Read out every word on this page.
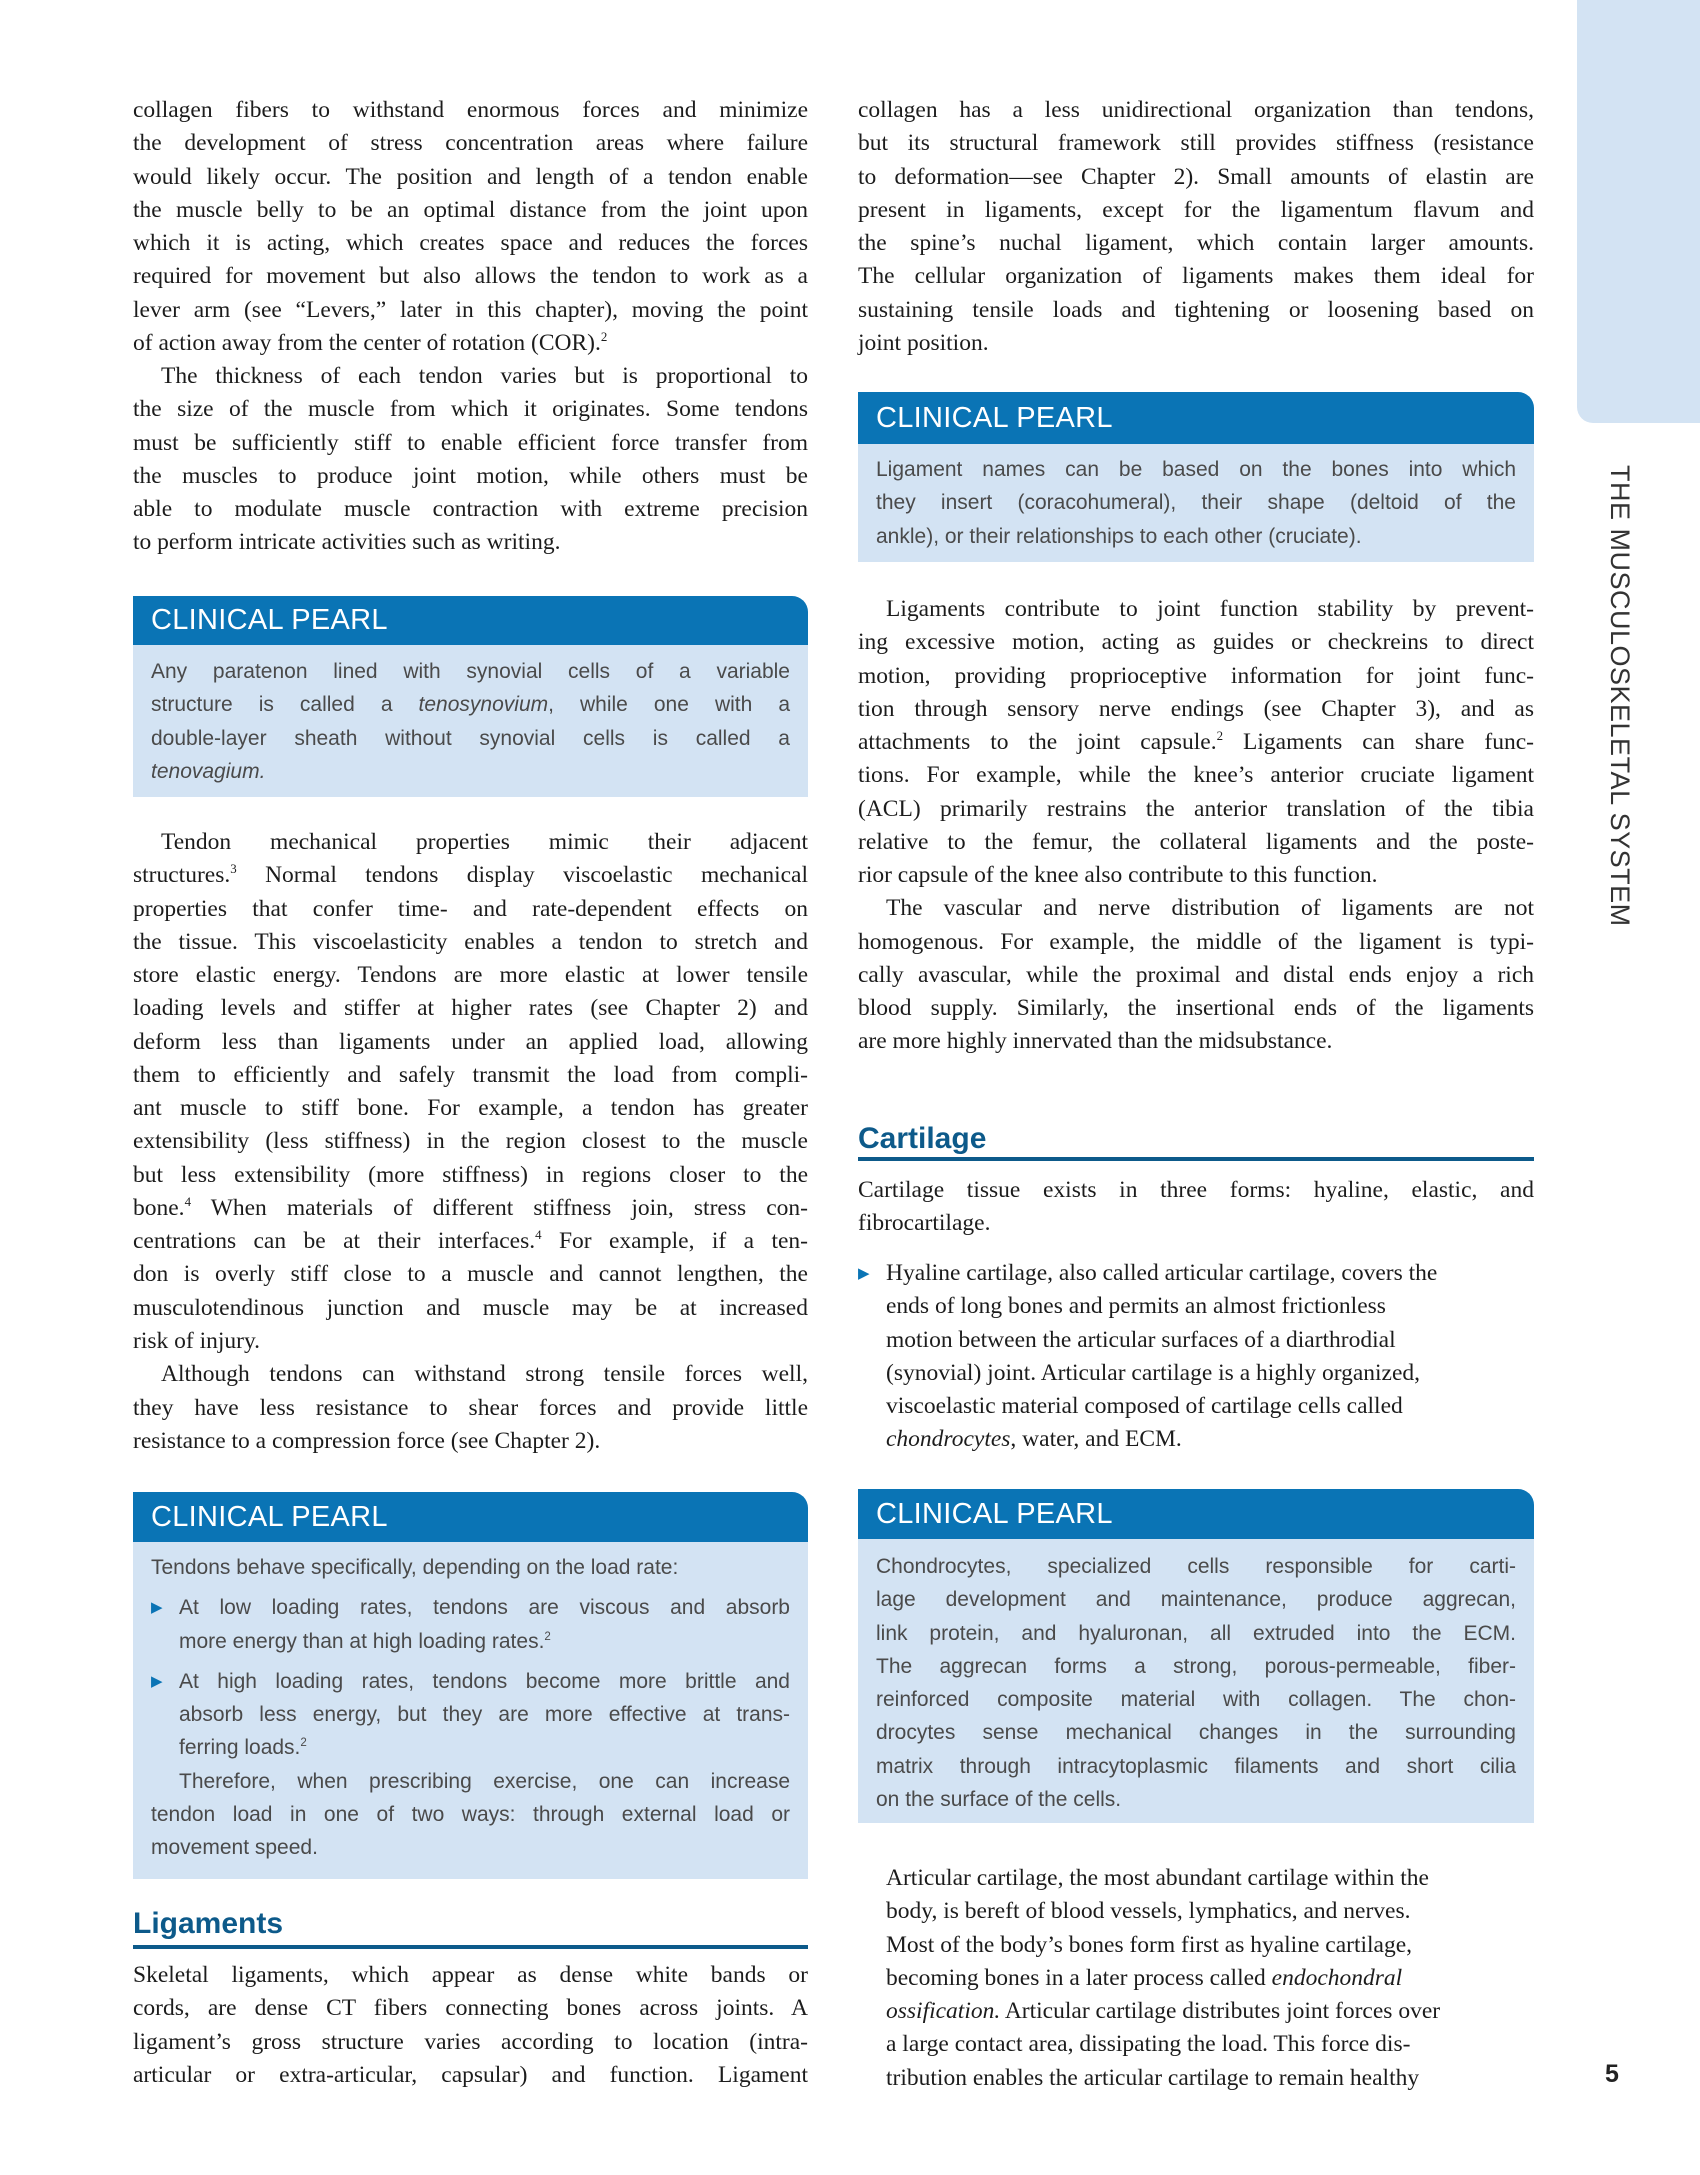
THE MUSCULOSKELETAL SYSTEM
5
collagen fibers to withstand enormous forces and minimize
the development of stress concentration areas where failure
would likely occur. The position and length of a tendon enable
the muscle belly to be an optimal distance from the joint upon
which it is acting, which creates space and reduces the forces
required for movement but also allows the tendon to work as a
lever arm (see “Levers,” later in this chapter), moving the point
of action away from the center of rotation (COR).$^2$
The thickness of each tendon varies but is proportional to
the size of the muscle from which it originates. Some tendons
must be sufficiently stiff to enable efficient force transfer from
the muscles to produce joint motion, while others must be
able to modulate muscle contraction with extreme precision
to perform intricate activities such as writing.
CLINICAL PEARL
Any paratenon lined with synovial cells of a variable
structure is called a tenosynovium, while one with a
double-layer sheath without synovial cells is called a
tenovagium.
Tendon mechanical properties mimic their adjacent
structures.$^3$ Normal tendons display viscoelastic mechanical
properties that confer time- and rate-dependent effects on
the tissue. This viscoelasticity enables a tendon to stretch and
store elastic energy. Tendons are more elastic at lower tensile
loading levels and stiffer at higher rates (see Chapter 2) and
deform less than ligaments under an applied load, allowing
them to efficiently and safely transmit the load from compli-
ant muscle to stiff bone. For example, a tendon has greater
extensibility (less stiffness) in the region closest to the muscle
but less extensibility (more stiffness) in regions closer to the
bone.$^4$ When materials of different stiffness join, stress con-
centrations can be at their interfaces.$^4$ For example, if a ten-
don is overly stiff close to a muscle and cannot lengthen, the
musculotendinous junction and muscle may be at increased
risk of injury.
Although tendons can withstand strong tensile forces well,
they have less resistance to shear forces and provide little
resistance to a compression force (see Chapter 2).
CLINICAL PEARL
Tendons behave specifically, depending on the load rate:
▶ At low loading rates, tendons are viscous and absorb
more energy than at high loading rates.$^2$
▶ At high loading rates, tendons become more brittle and
absorb less energy, but they are more effective at trans-
ferring loads.$^2$
Therefore, when prescribing exercise, one can increase
tendon load in one of two ways: through external load or
movement speed.
Ligaments
Skeletal ligaments, which appear as dense white bands or
cords, are dense CT fibers connecting bones across joints. A
ligament’s gross structure varies according to location (intra-
articular or extra-articular, capsular) and function. Ligament
collagen has a less unidirectional organization than tendons,
but its structural framework still provides stiffness (resistance
to deformation—see Chapter 2). Small amounts of elastin are
present in ligaments, except for the ligamentum flavum and
the spine’s nuchal ligament, which contain larger amounts.
The cellular organization of ligaments makes them ideal for
sustaining tensile loads and tightening or loosening based on
joint position.
CLINICAL PEARL
Ligament names can be based on the bones into which
they insert (coracohumeral), their shape (deltoid of the
ankle), or their relationships to each other (cruciate).
Ligaments contribute to joint function stability by prevent-
ing excessive motion, acting as guides or checkreins to direct
motion, providing proprioceptive information for joint func-
tion through sensory nerve endings (see Chapter 3), and as
attachments to the joint capsule.$^2$ Ligaments can share func-
tions. For example, while the knee’s anterior cruciate ligament
(ACL) primarily restrains the anterior translation of the tibia
relative to the femur, the collateral ligaments and the poste-
rior capsule of the knee also contribute to this function.
The vascular and nerve distribution of ligaments are not
homogenous. For example, the middle of the ligament is typi-
cally avascular, while the proximal and distal ends enjoy a rich
blood supply. Similarly, the insertional ends of the ligaments
are more highly innervated than the midsubstance.
Cartilage
Cartilage tissue exists in three forms: hyaline, elastic, and
fibrocartilage.
▶ Hyaline cartilage, also called articular cartilage, covers the
ends of long bones and permits an almost frictionless
motion between the articular surfaces of a diarthrodial
(synovial) joint. Articular cartilage is a highly organized,
viscoelastic material composed of cartilage cells called
chondrocytes, water, and ECM.
CLINICAL PEARL
Chondrocytes, specialized cells responsible for carti-
lage development and maintenance, produce aggrecan,
link protein, and hyaluronan, all extruded into the ECM.
The aggrecan forms a strong, porous-permeable, fiber-
reinforced composite material with collagen. The chon-
drocytes sense mechanical changes in the surrounding
matrix through intracytoplasmic filaments and short cilia
on the surface of the cells.
Articular cartilage, the most abundant cartilage within the
body, is bereft of blood vessels, lymphatics, and nerves.
Most of the body’s bones form first as hyaline cartilage,
becoming bones in a later process called endochondral
ossification. Articular cartilage distributes joint forces over
a large contact area, dissipating the load. This force dis-
tribution enables the articular cartilage to remain healthy
